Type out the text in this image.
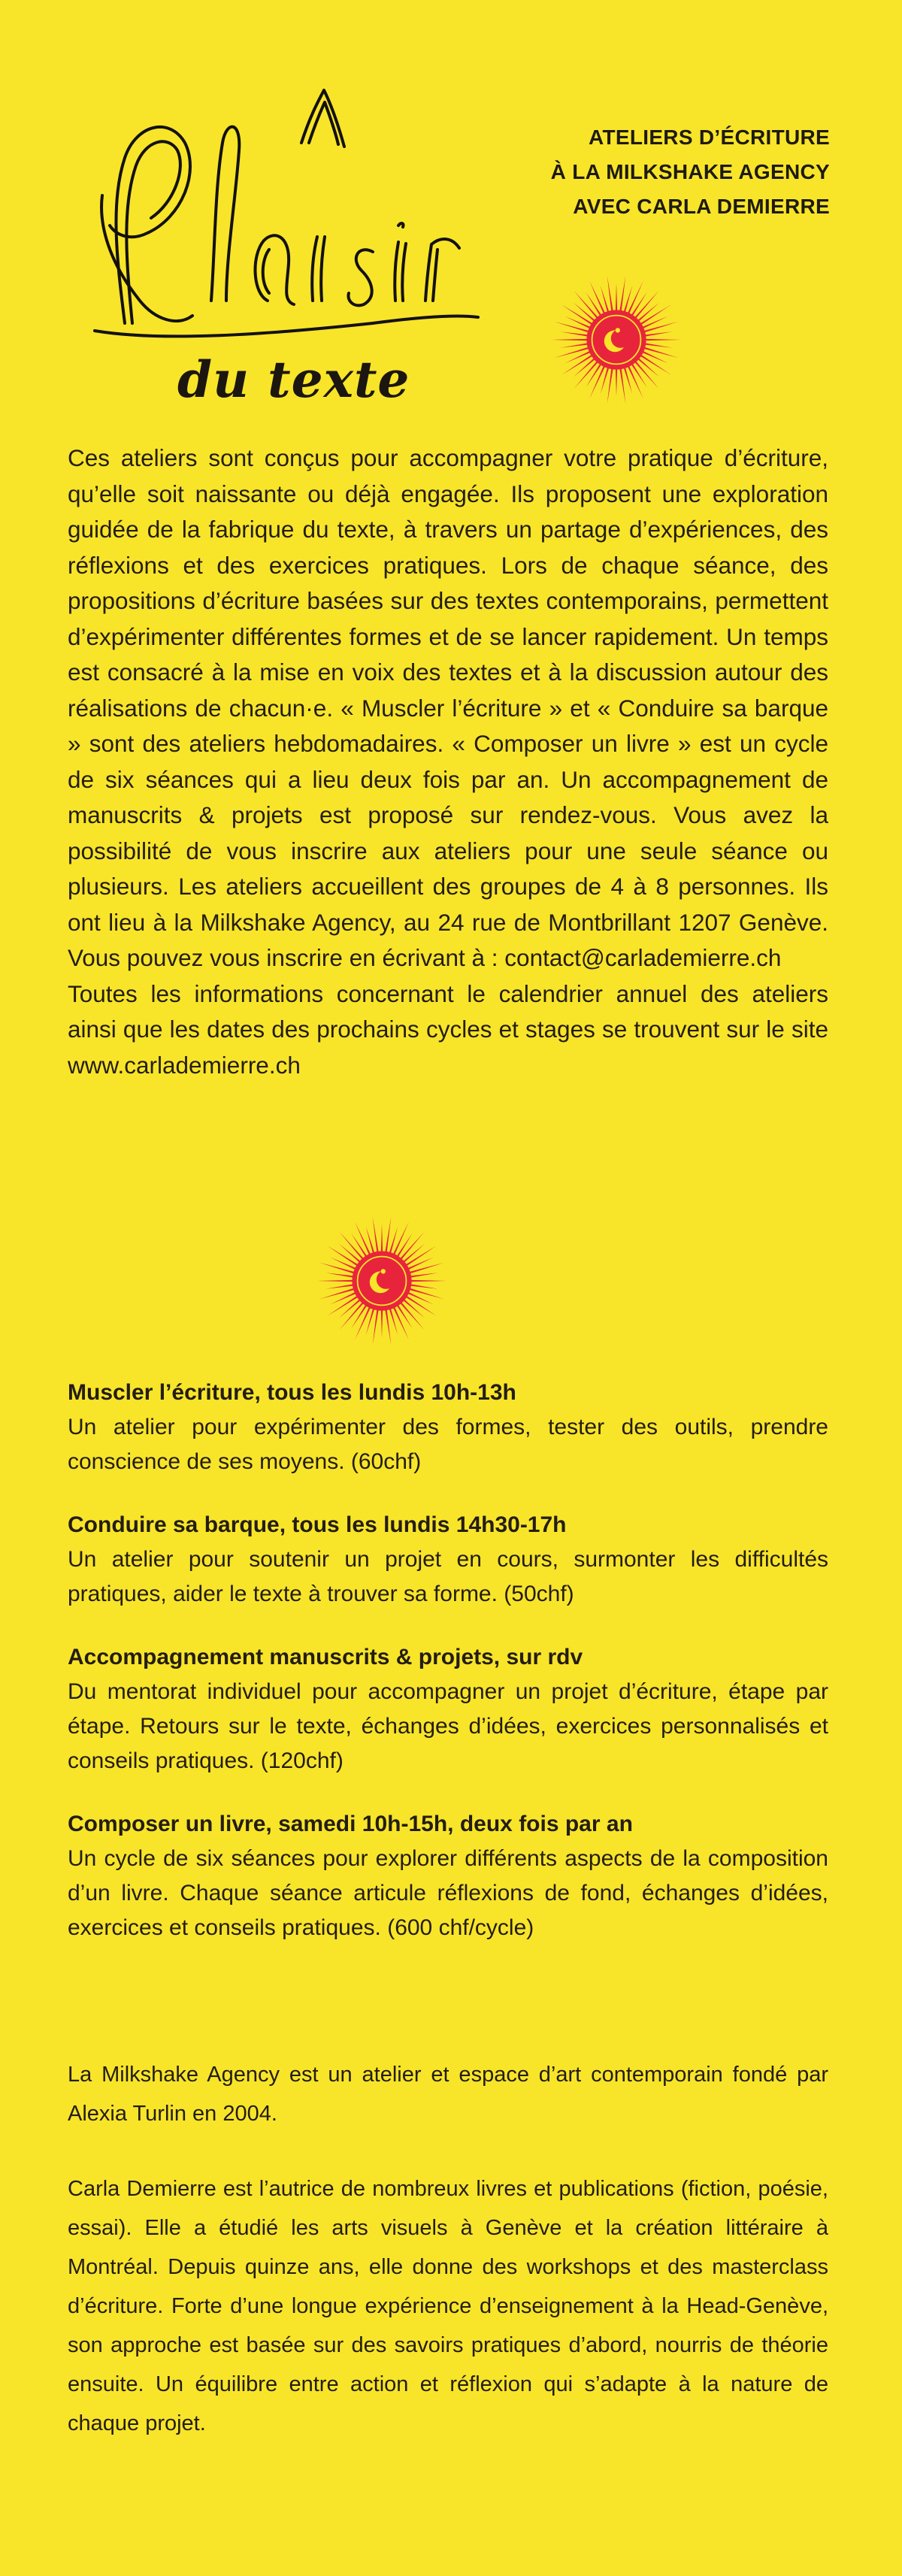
du texte
ATELIERS D’ÉCRITURE
À LA MILKSHAKE AGENCY
AVEC CARLA DEMIERRE

Ces ateliers sont conçus pour accompagner votre pratique d’écriture, qu’elle soit naissante ou déjà engagée. Ils proposent une exploration guidée de la fabrique du texte, à travers un partage d’expériences, des réflexions et des exercices pratiques. Lors de chaque séance, des propositions d’écriture basées sur des textes contemporains, permettent d’expérimenter différentes formes et de se lancer rapidement. Un temps est consacré à la mise en voix des textes et à la discussion autour des réalisations de chacun·e. « Muscler l’écriture » et « Conduire sa barque » sont des ateliers hebdomadaires. « Composer un livre » est un cycle de six séances qui a lieu deux fois par an. Un accompagnement de manuscrits & projets est proposé sur rendez-vous. Vous avez la possibilité de vous inscrire aux ateliers pour une seule séance ou plusieurs. Les ateliers accueillent des groupes de 4 à 8 personnes. Ils ont lieu à la Milkshake Agency, au 24 rue de Montbrillant 1207 Genève. Vous pouvez vous inscrire en écrivant à : contact@carlademierre.ch

Toutes les informations concernant le calendrier annuel des ateliers ainsi que les dates des prochains cycles et stages se trouvent sur le site www.carlademierre.ch

Muscler l’écriture, tous les lundis 10h-13h
Un atelier pour expérimenter des formes, tester des outils, prendre conscience de ses moyens. (60chf)
Conduire sa barque, tous les lundis 14h30-17h
Un atelier pour soutenir un projet en cours, surmonter les difficultés pratiques, aider le texte à trouver sa forme. (50chf)
Accompagnement manuscrits & projets, sur rdv
Du mentorat individuel pour accompagner un projet d’écriture, étape par étape. Retours sur le texte, échanges d’idées, exercices personnalisés et conseils pratiques. (120chf)
Composer un livre, samedi 10h-15h, deux fois par an
Un cycle de six séances pour explorer différents aspects de la composition d’un livre. Chaque séance articule réflexions de fond, échanges d’idées, exercices et conseils pratiques. (600 chf/cycle)

La Milkshake Agency est un atelier et espace d’art contemporain fondé par Alexia Turlin en 2004.

Carla Demierre est l’autrice de nombreux livres et publications (fiction, poésie, essai). Elle a étudié les arts visuels à Genève et la création littéraire à Montréal. Depuis quinze ans, elle donne des workshops et des masterclass d’écriture. Forte d’une longue expérience d’enseignement à la Head-Genève, son approche est basée sur des savoirs pratiques d’abord, nourris de théorie ensuite. Un équilibre entre action et réflexion qui s’adapte à la nature de chaque projet.
